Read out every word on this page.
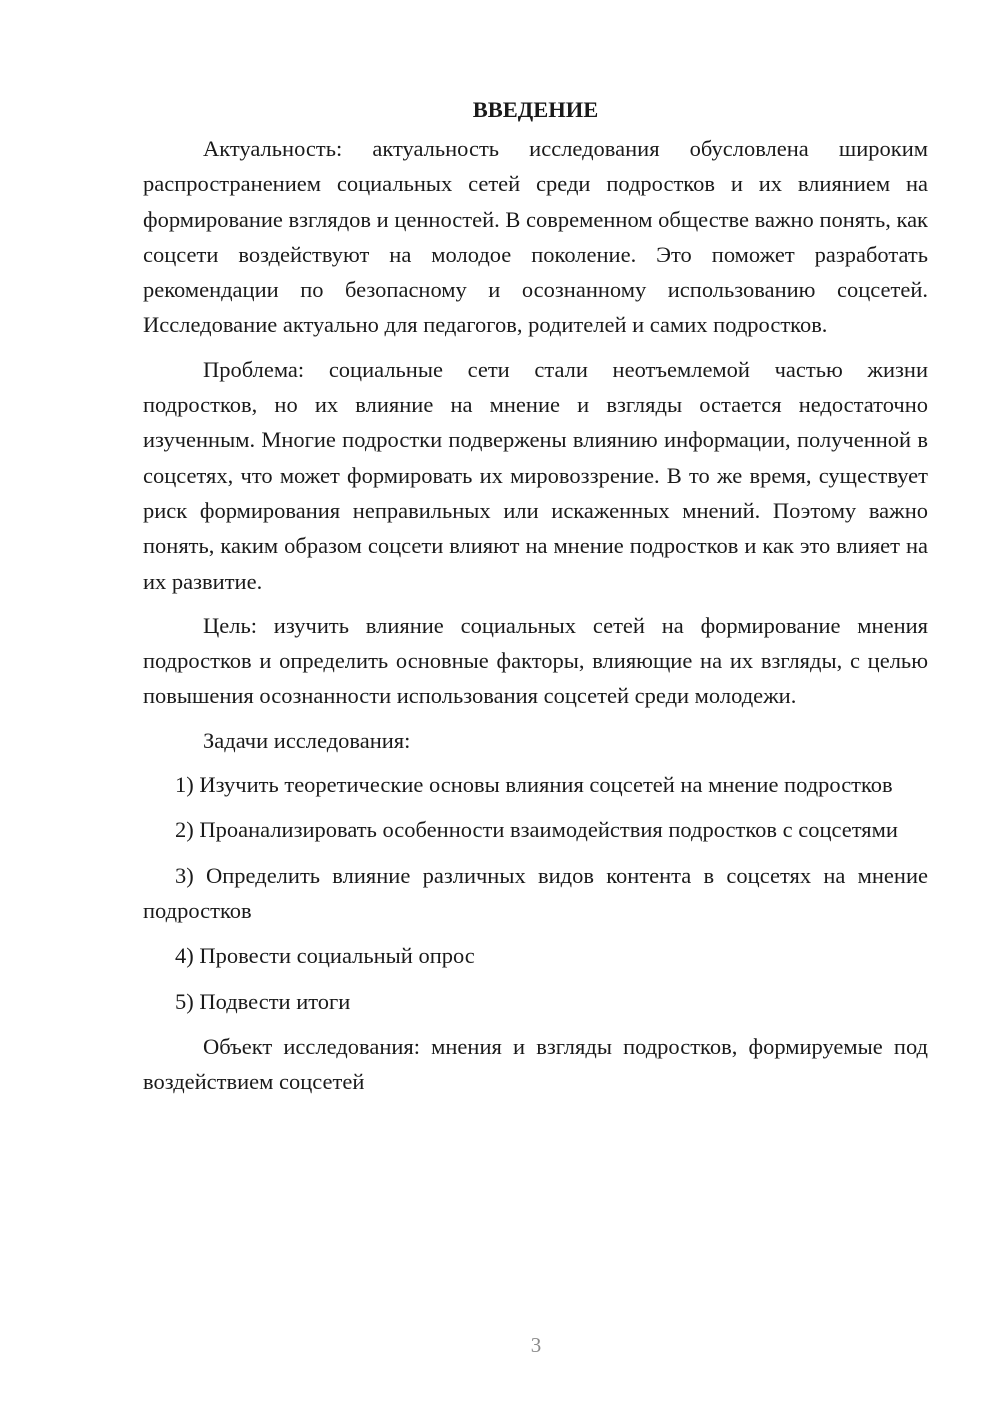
ВВЕДЕНИЕ

Актуальность: актуальность исследования обусловлена широким распространением социальных сетей среди подростков и их влиянием на формирование взглядов и ценностей. В современном обществе важно понять, как соцсети воздействуют на молодое поколение. Это поможет разработать рекомендации по безопасному и осознанному использованию соцсетей. Исследование актуально для педагогов, родителей и самих подростков.

Проблема: социальные сети стали неотъемлемой частью жизни подростков, но их влияние на мнение и взгляды остается недостаточно изученным. Многие подростки подвержены влиянию информации, полученной в соцсетях, что может формировать их мировоззрение. В то же время, существует риск формирования неправильных или искаженных мнений. Поэтому важно понять, каким образом соцсети влияют на мнение подростков и как это влияет на их развитие.

Цель: изучить влияние социальных сетей на формирование мнения подростков и определить основные факторы, влияющие на их взгляды, с целью повышения осознанности использования соцсетей среди молодежи.

Задачи исследования:

1) Изучить теоретические основы влияния соцсетей на мнение подростков

2) Проанализировать особенности взаимодействия подростков с соцсетями

3) Определить влияние различных видов контента в соцсетях на мнение подростков

4) Провести социальный опрос

5) Подвести итоги

Объект исследования: мнения и взгляды подростков, формируемые под воздействием соцсетей

3
